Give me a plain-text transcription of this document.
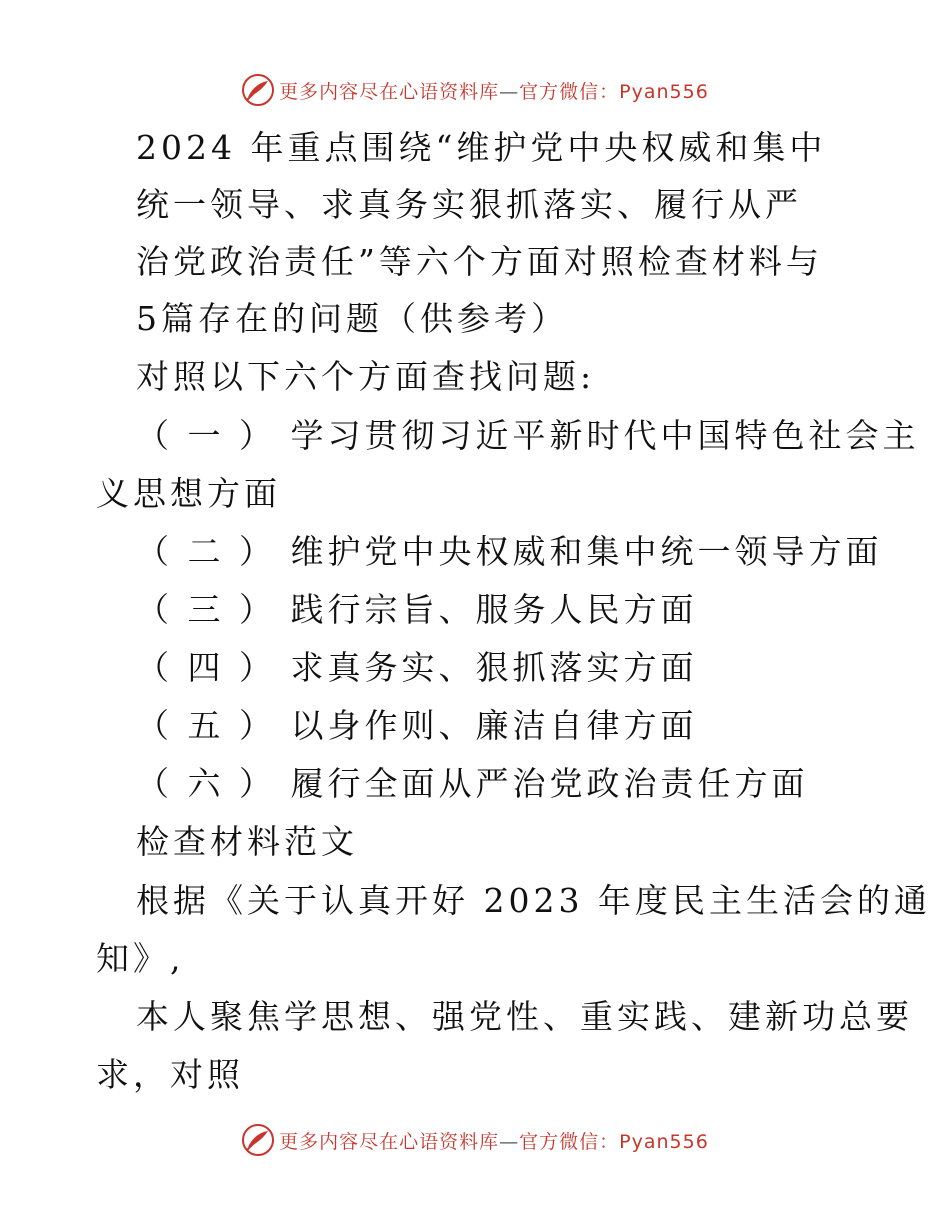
更多内容尽在心语资料库—官方微信：Pyan556
2024 年重点围绕“维护党中央权威和集中
统一领导、求真务实狠抓落实、履行从严
治党政治责任”等六个方面对照检查材料与
5篇存在的问题（供参考）
对照以下六个方面查找问题:
（ 一 ） 学习贯彻习近平新时代中国特色社会主
义思想方面
（ 二 ） 维护党中央权威和集中统一领导方面
（ 三 ） 践行宗旨、服务人民方面
（ 四 ） 求真务实、狠抓落实方面
（ 五 ） 以身作则、廉洁自律方面
（ 六 ） 履行全面从严治党政治责任方面
检查材料范文
根据《关于认真开好 2023 年度民主生活会的通
知》,
本人聚焦学思想、强党性、重实践、建新功总要
求，对照
更多内容尽在心语资料库—官方微信：Pyan556
